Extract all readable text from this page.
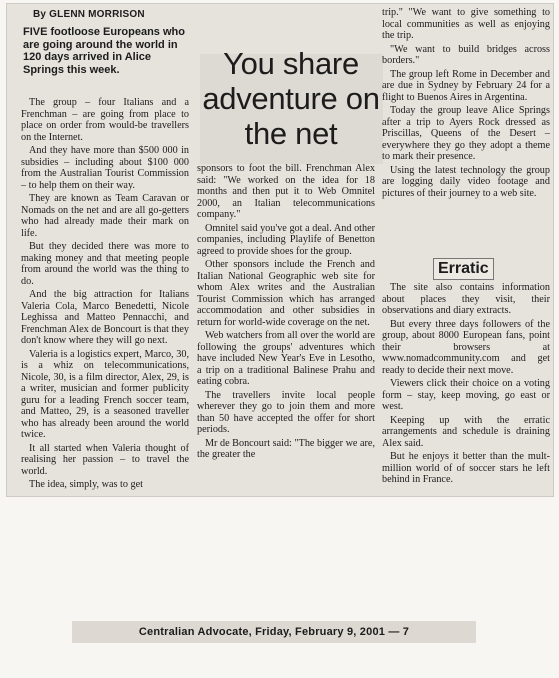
By GLENN MORRISON
FIVE footloose Europeans who are going around the world in 120 days arrived in Alice Springs this week.	You share adventure on the net

The group – four Italians and a Frenchman – are going from place to place on order from would-be travellers on the Internet.

And they have more than $500 000 in subsidies – including about $100 000 from the Australian Tourist Commission – to help them on their way.

They are known as Team Caravan or Nomads on the net and are all go-getters who had already made their mark on life.

But they decided there was more to making money and that meeting people from around the world was the thing to do.

And the big attraction for Italians Valeria Cola, Marco Benedetti, Nicole Leghissa and Matteo Pennacchi, and Frenchman Alex de Boncourt is that they don't know where they will go next.

Valeria is a logistics expert, Marco, 30, is a whiz on telecommunications, Nicole, 30, is a film director, Alex, 29, is a writer, musician and former publicity guru for a leading French soccer team, and Matteo, 29, is a seasoned traveller who has already been around the world twice.

It all started when Valeria thought of realising her passion – to travel the world.

The idea, simply, was to get

sponsors to foot the bill. Frenchman Alex said: "We worked on the idea for 18 months and then put it to Web Omnitel 2000, an Italian telecommunications company."

Omnitel said you've got a deal. And other companies, including Playlife of Benetton agreed to provide shoes for the group.

Other sponsors include the French and Italian National Geographic web site for whom Alex writes and the Australian Tourist Commission which has arranged accommodation and other subsidies in return for world-wide coverage on the net.

Web watchers from all over the world are following the groups' adventures which have included New Year's Eve in Lesotho, a trip on a traditional Balinese Prahu and eating cobra.

The travellers invite local people wherever they go to join them and more than 50 have accepted the offer for short periods.

Mr de Boncourt said: "The bigger we are, the greater the

trip." "We want to give something to local communities as well as enjoying the trip.

"We want to build bridges across borders."

The group left Rome in December and are due in Sydney by February 24 for a flight to Buenos Aires in Argentina.

Today the group leave Alice Springs after a trip to Ayers Rock dressed as Priscillas, Queens of the Desert – everywhere they go they adopt a theme to mark their presence.

Using the latest technology the group are logging daily video footage and pictures of their journey to a web site.

Erratic

The site also contains information about places they visit, their observations and diary extracts.

But every three days followers of the group, about 8000 European fans, point their browsers at www.nomadcommunity.com and get ready to decide their next move.

Viewers click their choice on a voting form – stay, keep moving, go east or west.

Keeping up with the erratic arrangements and schedule is draining Alex said.

But he enjoys it better than the mult-million world of of soccer stars he left behind in France.

Centralian Advocate, Friday, February 9, 2001 — 7
